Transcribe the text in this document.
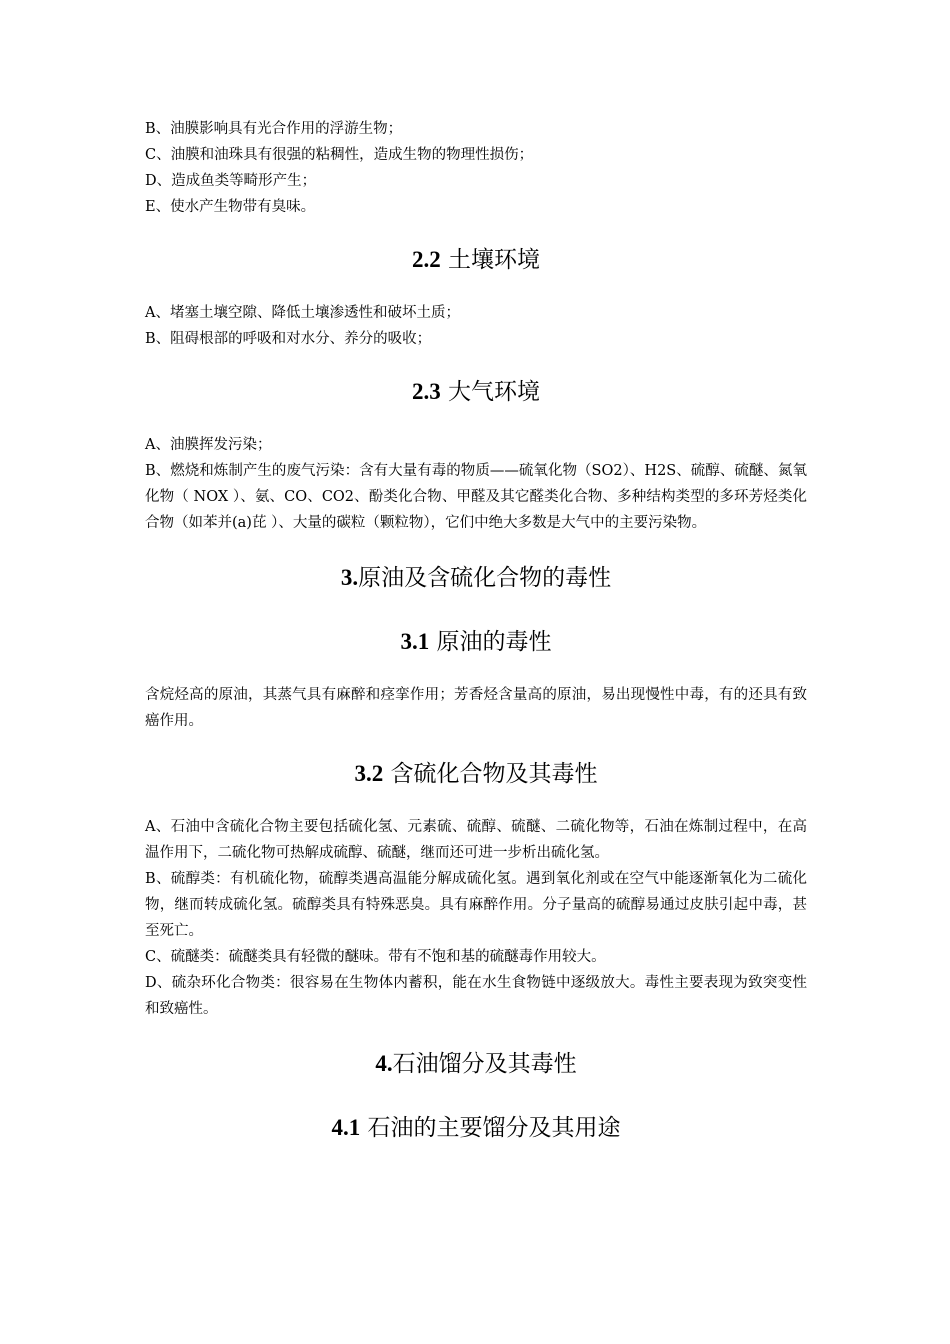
B、油膜影响具有光合作用的浮游生物；

C、油膜和油珠具有很强的粘稠性，造成生物的物理性损伤；

D、造成鱼类等畸形产生；

E、使水产生物带有臭味。

2.2 土壤环境

A、堵塞土壤空隙、降低土壤渗透性和破坏土质；

B、阻碍根部的呼吸和对水分、养分的吸收；

2.3 大气环境

A、油膜挥发污染；

B、燃烧和炼制产生的废气污染：含有大量有毒的物质——硫氧化物（SO2）、H2S、硫醇、硫醚、氮氧化物（ NOX ）、氨、CO、CO2、酚类化合物、甲醛及其它醛类化合物、多种结构类型的多环芳烃类化合物（如苯并(a)芘 ）、大量的碳粒（颗粒物），它们中绝大多数是大气中的主要污染物。

3.原油及含硫化合物的毒性
3.1 原油的毒性

含烷烃高的原油，其蒸气具有麻醉和痉挛作用；芳香烃含量高的原油，易出现慢性中毒，有的还具有致癌作用。

3.2 含硫化合物及其毒性

A、石油中含硫化合物主要包括硫化氢、元素硫、硫醇、硫醚、二硫化物等，石油在炼制过程中，在高温作用下，二硫化物可热解成硫醇、硫醚，继而还可进一步析出硫化氢。

B、硫醇类：有机硫化物，硫醇类遇高温能分解成硫化氢。遇到氧化剂或在空气中能逐渐氧化为二硫化物，继而转成硫化氢。硫醇类具有特殊恶臭。具有麻醉作用。分子量高的硫醇易通过皮肤引起中毒，甚至死亡。

C、硫醚类：硫醚类具有轻微的醚味。带有不饱和基的硫醚毒作用较大。

D、硫杂环化合物类：很容易在生物体内蓄积，能在水生食物链中逐级放大。毒性主要表现为致突变性和致癌性。

4.石油馏分及其毒性
4.1 石油的主要馏分及其用途
